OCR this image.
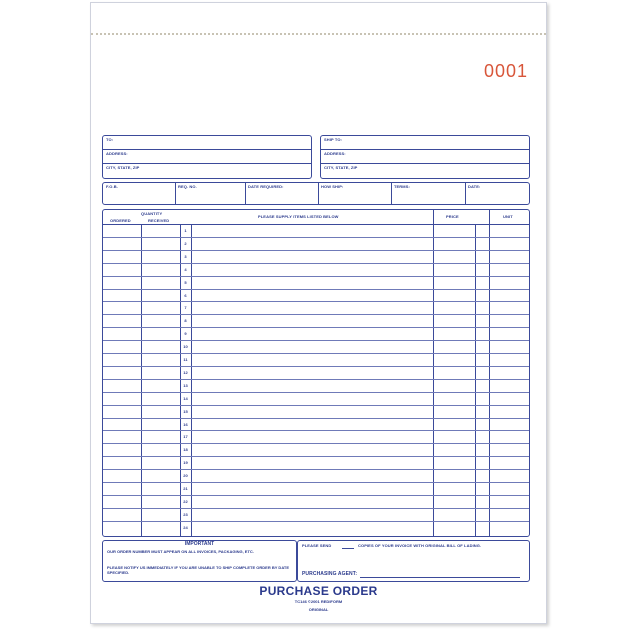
0001
TO:
ADDRESS:
CITY, STATE, ZIP
SHIP TO:
ADDRESS:
CITY, STATE, ZIP
F.O.B.	REQ. NO.	DATE REQUIRED:	HOW SHIP:	TERMS:	DATE:
QUANTITY
ORDERED	RECEIVED
PLEASE SUPPLY ITEMS LISTED BELOW	PRICE	UNIT
1
2
3
4
5
6
7
8
9
10
11
12
13
14
15
16
17
18
19
20
21
22
23
24
IMPORTANT
OUR ORDER NUMBER MUST APPEAR ON ALL INVOICES, PACKAGING, ETC.
PLEASE NOTIFY US IMMEDIATELY IF YOU ARE UNABLE TO SHIP COMPLETE ORDER BY DATE SPECIFIED.
PLEASE SEND	COPIES OF YOUR INVOICE WITH ORIGINAL BILL OF LADING.
PURCHASING AGENT:
PURCHASE ORDER
TC146 ©2001 REDIFORM
ORIGINAL
